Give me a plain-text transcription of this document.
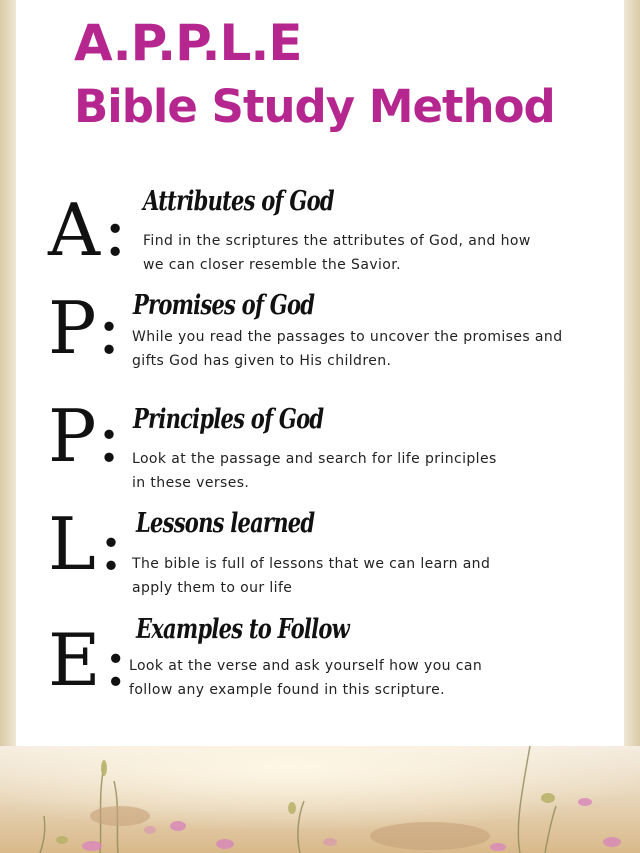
A.P.P.L.E
Bible Study Method
A: Attributes of God

Find in the scriptures the attributes of God, and how we can closer resemble the Savior.

P: Promises of God

While you read the passages to uncover the promises and gifts God has given to His children.

P: Principles of God

Look at the passage and search for life principles in these verses.

L: Lessons learned

The bible is full of lessons that we can learn and apply them to our life

E: Examples to Follow

Look at the verse and ask yourself how you can follow any example found in this scripture.
